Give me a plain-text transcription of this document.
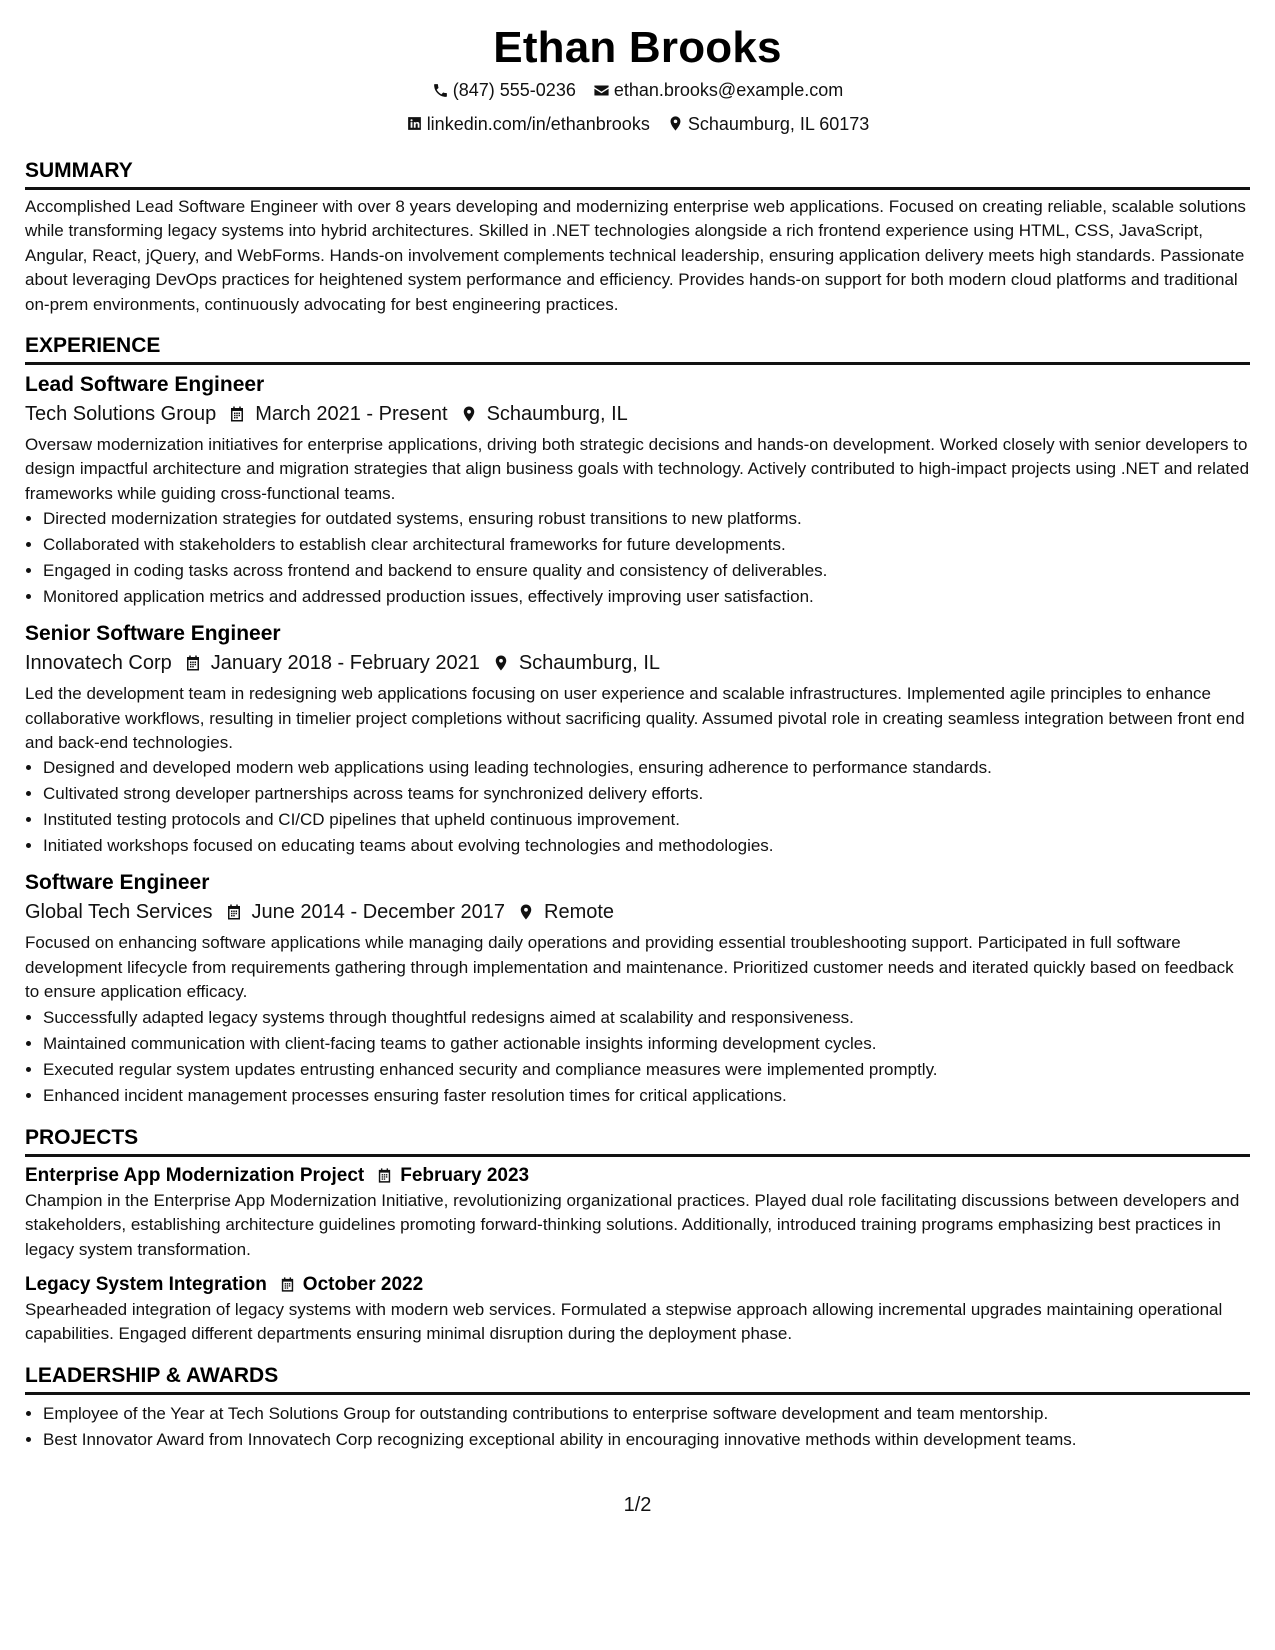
Ethan Brooks
(847) 555-0236
ethan.brooks@example.com
linkedin.com/in/ethanbrooks
Schaumburg, IL 60173
SUMMARY
Accomplished Lead Software Engineer with over 8 years developing and modernizing enterprise web applications. Focused on creating reliable, scalable solutions while transforming legacy systems into hybrid architectures. Skilled in .NET technologies alongside a rich frontend experience using HTML, CSS, JavaScript, Angular, React, jQuery, and WebForms. Hands-on involvement complements technical leadership, ensuring application delivery meets high standards. Passionate about leveraging DevOps practices for heightened system performance and efficiency. Provides hands-on support for both modern cloud platforms and traditional on-prem environments, continuously advocating for best engineering practices.
EXPERIENCE
Lead Software Engineer
Tech Solutions Group March 2021 - Present Schaumburg, IL
Oversaw modernization initiatives for enterprise applications, driving both strategic decisions and hands-on development. Worked closely with senior developers to design impactful architecture and migration strategies that align business goals with technology. Actively contributed to high-impact projects using .NET and related frameworks while guiding cross-functional teams.
• Directed modernization strategies for outdated systems, ensuring robust transitions to new platforms.
• Collaborated with stakeholders to establish clear architectural frameworks for future developments.
• Engaged in coding tasks across frontend and backend to ensure quality and consistency of deliverables.
• Monitored application metrics and addressed production issues, effectively improving user satisfaction.
Senior Software Engineer
Innovatech Corp January 2018 - February 2021 Schaumburg, IL
Led the development team in redesigning web applications focusing on user experience and scalable infrastructures. Implemented agile principles to enhance collaborative workflows, resulting in timelier project completions without sacrificing quality. Assumed pivotal role in creating seamless integration between front end and back-end technologies.
• Designed and developed modern web applications using leading technologies, ensuring adherence to performance standards.
• Cultivated strong developer partnerships across teams for synchronized delivery efforts.
• Instituted testing protocols and CI/CD pipelines that upheld continuous improvement.
• Initiated workshops focused on educating teams about evolving technologies and methodologies.
Software Engineer
Global Tech Services June 2014 - December 2017 Remote
Focused on enhancing software applications while managing daily operations and providing essential troubleshooting support. Participated in full software development lifecycle from requirements gathering through implementation and maintenance. Prioritized customer needs and iterated quickly based on feedback to ensure application efficacy.
• Successfully adapted legacy systems through thoughtful redesigns aimed at scalability and responsiveness.
• Maintained communication with client-facing teams to gather actionable insights informing development cycles.
• Executed regular system updates entrusting enhanced security and compliance measures were implemented promptly.
• Enhanced incident management processes ensuring faster resolution times for critical applications.
PROJECTS
Enterprise App Modernization Project February 2023
Champion in the Enterprise App Modernization Initiative, revolutionizing organizational practices. Played dual role facilitating discussions between developers and stakeholders, establishing architecture guidelines promoting forward-thinking solutions. Additionally, introduced training programs emphasizing best practices in legacy system transformation.
Legacy System Integration October 2022
Spearheaded integration of legacy systems with modern web services. Formulated a stepwise approach allowing incremental upgrades maintaining operational capabilities. Engaged different departments ensuring minimal disruption during the deployment phase.
LEADERSHIP & AWARDS
• Employee of the Year at Tech Solutions Group for outstanding contributions to enterprise software development and team mentorship.
• Best Innovator Award from Innovatech Corp recognizing exceptional ability in encouraging innovative methods within development teams.
1/2
